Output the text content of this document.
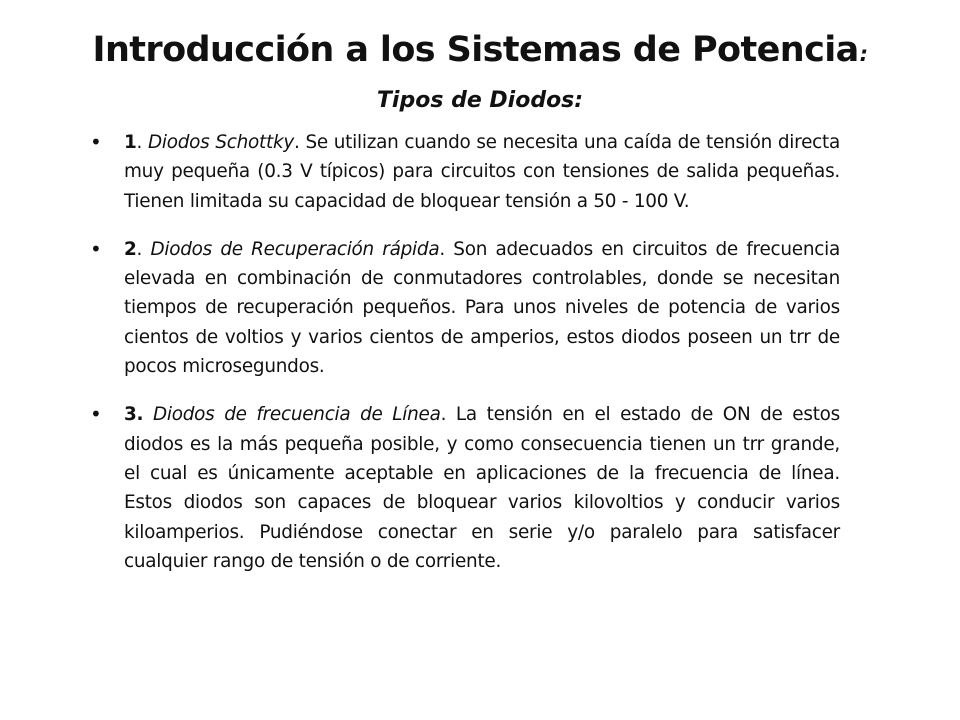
Introducción a los Sistemas de Potencia:
Tipos de Diodos:
• 1. Diodos Schottky. Se utilizan cuando se necesita una caída de tensión directa muy pequeña (0.3 V típicos) para circuitos con tensiones de salida pequeñas. Tienen limitada su capacidad de bloquear tensión a 50 - 100 V.
• 2. Diodos de Recuperación rápida. Son adecuados en circuitos de frecuencia elevada en combinación de conmutadores controlables, donde se necesitan tiempos de recuperación pequeños. Para unos niveles de potencia de varios cientos de voltios y varios cientos de amperios, estos diodos poseen un trr de pocos microsegundos.
• 3. Diodos de frecuencia de Línea. La tensión en el estado de ON de estos diodos es la más pequeña posible, y como consecuencia tienen un trr grande, el cual es únicamente aceptable en aplicaciones de la frecuencia de línea. Estos diodos son capaces de bloquear varios kilovoltios y conducir varios kiloamperios. Pudiéndose conectar en serie y/o paralelo para satisfacer cualquier rango de tensión o de corriente.
